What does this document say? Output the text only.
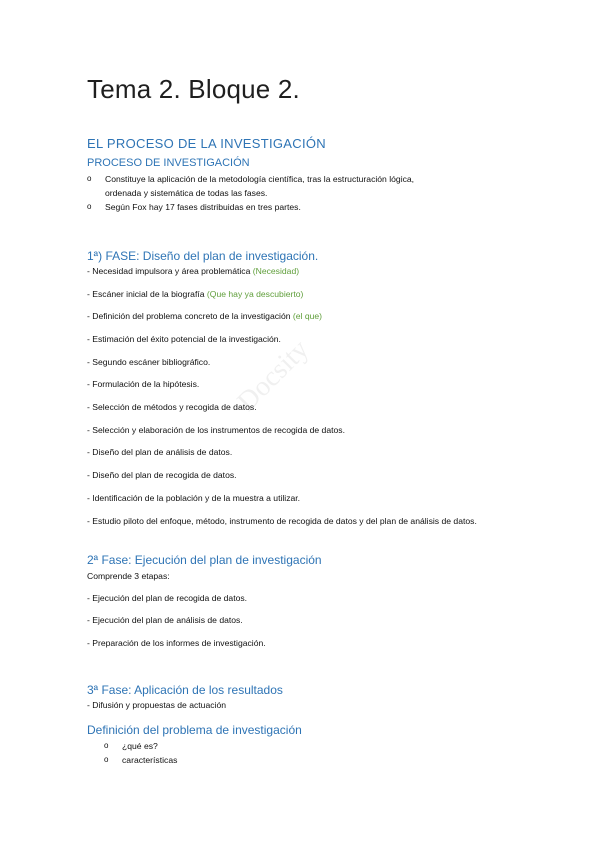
Docsity
Tema 2. Bloque 2.
EL PROCESO DE LA INVESTIGACIÓN
PROCESO DE INVESTIGACIÓN
o Constituye la aplicación de la metodología científica, tras la estructuración lógica,
ordenada y sistemática de todas las fases.
o Según Fox hay 17 fases distribuidas en tres partes.
1ª) FASE: Diseño del plan de investigación.

- Necesidad impulsora y área problemática (Necesidad)

- Escáner inicial de la biografía (Que hay ya descubierto)

- Definición del problema concreto de la investigación (el que)

- Estimación del éxito potencial de la investigación.

- Segundo escáner bibliográfico.

- Formulación de la hipótesis.

- Selección de métodos y recogida de datos.

- Selección y elaboración de los instrumentos de recogida de datos.

- Diseño del plan de análisis de datos.

- Diseño del plan de recogida de datos.

- Identificación de la población y de la muestra a utilizar.

- Estudio piloto del enfoque, método, instrumento de recogida de datos y del plan de análisis de datos.

2ª Fase: Ejecución del plan de investigación

Comprende 3 etapas:

- Ejecución del plan de recogida de datos.

- Ejecución del plan de análisis de datos.

- Preparación de los informes de investigación.

3ª Fase: Aplicación de los resultados

- Difusión y propuestas de actuación

Definición del problema de investigación
o ¿qué es?
o características
